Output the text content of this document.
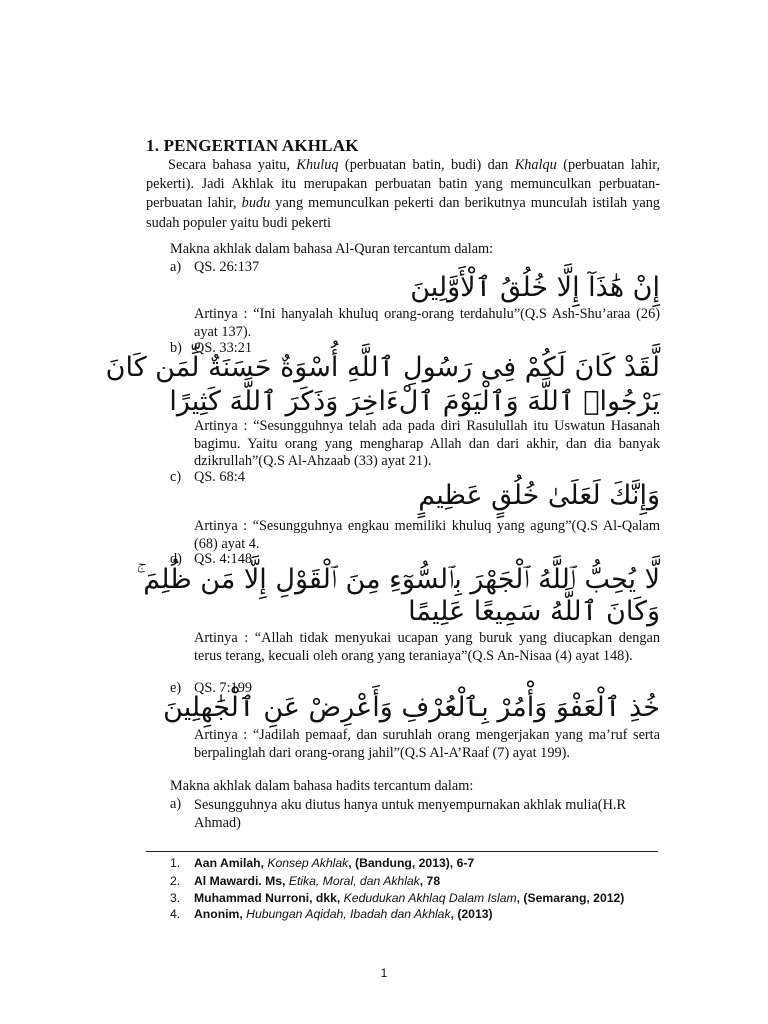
1. PENGERTIAN AKHLAK
Secara bahasa yaitu, Khuluq (perbuatan batin, budi) dan Khalqu (perbuatan lahir, pekerti). Jadi Akhlak itu merupakan perbuatan batin yang memunculkan perbuatan-perbuatan lahir, budu yang memunculkan pekerti dan berikutnya munculah istilah yang sudah populer yaitu budi pekerti
Makna akhlak dalam bahasa Al-Quran tercantum dalam:
a) QS. 26:137
إِنْ هَٰذَآ إِلَّا خُلُقُ ٱلْأَوَّلِينَ
Artinya : “Ini hanyalah khuluq orang-orang terdahulu”(Q.S Ash-Shu’araa (26) ayat 137).
b) QS. 33:21
لَّقَدْ كَانَ لَكُمْ فِى رَسُولِ ٱللَّهِ أُسْوَةٌ حَسَنَةٌ لِّمَن كَانَ
يَرْجُوا۟ ٱللَّهَ وَٱلْيَوْمَ ٱلْءَاخِرَ وَذَكَرَ ٱللَّهَ كَثِيرًا
Artinya : “Sesungguhnya telah ada pada diri Rasulullah itu Uswatun Hasanah bagimu. Yaitu orang yang mengharap Allah dan dari akhir, dan dia banyak dzikrullah”(Q.S Al-Ahzaab (33) ayat 21).
c) QS. 68:4
وَإِنَّكَ لَعَلَىٰ خُلُقٍ عَظِيمٍ
Artinya : “Sesungguhnya engkau memiliki khuluq yang agung”(Q.S Al-Qalam (68) ayat 4.
d) QS. 4:148
لَّا يُحِبُّ ٱللَّهُ ٱلْجَهْرَ بِٱلسُّوٓءِ مِنَ ٱلْقَوْلِ إِلَّا مَن ظُلِمَ ۚ
وَكَانَ ٱللَّهُ سَمِيعًا عَلِيمًا
Artinya : “Allah tidak menyukai ucapan yang buruk yang diucapkan dengan terus terang, kecuali oleh orang yang teraniaya”(Q.S An-Nisaa (4) ayat 148).
e) QS. 7:199
خُذِ ٱلْعَفْوَ وَأْمُرْ بِٱلْعُرْفِ وَأَعْرِضْ عَنِ ٱلْجَٰهِلِينَ
Artinya : “Jadilah pemaaf, dan suruhlah orang mengerjakan yang ma’ruf serta berpalinglah dari orang-orang jahil”(Q.S Al-A’Raaf (7) ayat 199).
Makna akhlak dalam bahasa hadits tercantum dalam:
a) Sesungguhnya aku diutus hanya untuk menyempurnakan akhlak mulia(H.R Ahmad)
1. Aan Amilah, Konsep Akhlak, (Bandung, 2013), 6-7
2. Al Mawardi. Ms, Etika, Moral, dan Akhlak, 78
3. Muhammad Nurroni, dkk, Kedudukan Akhlaq Dalam Islam, (Semarang, 2012)
4. Anonim, Hubungan Aqidah, Ibadah dan Akhlak, (2013)
1
